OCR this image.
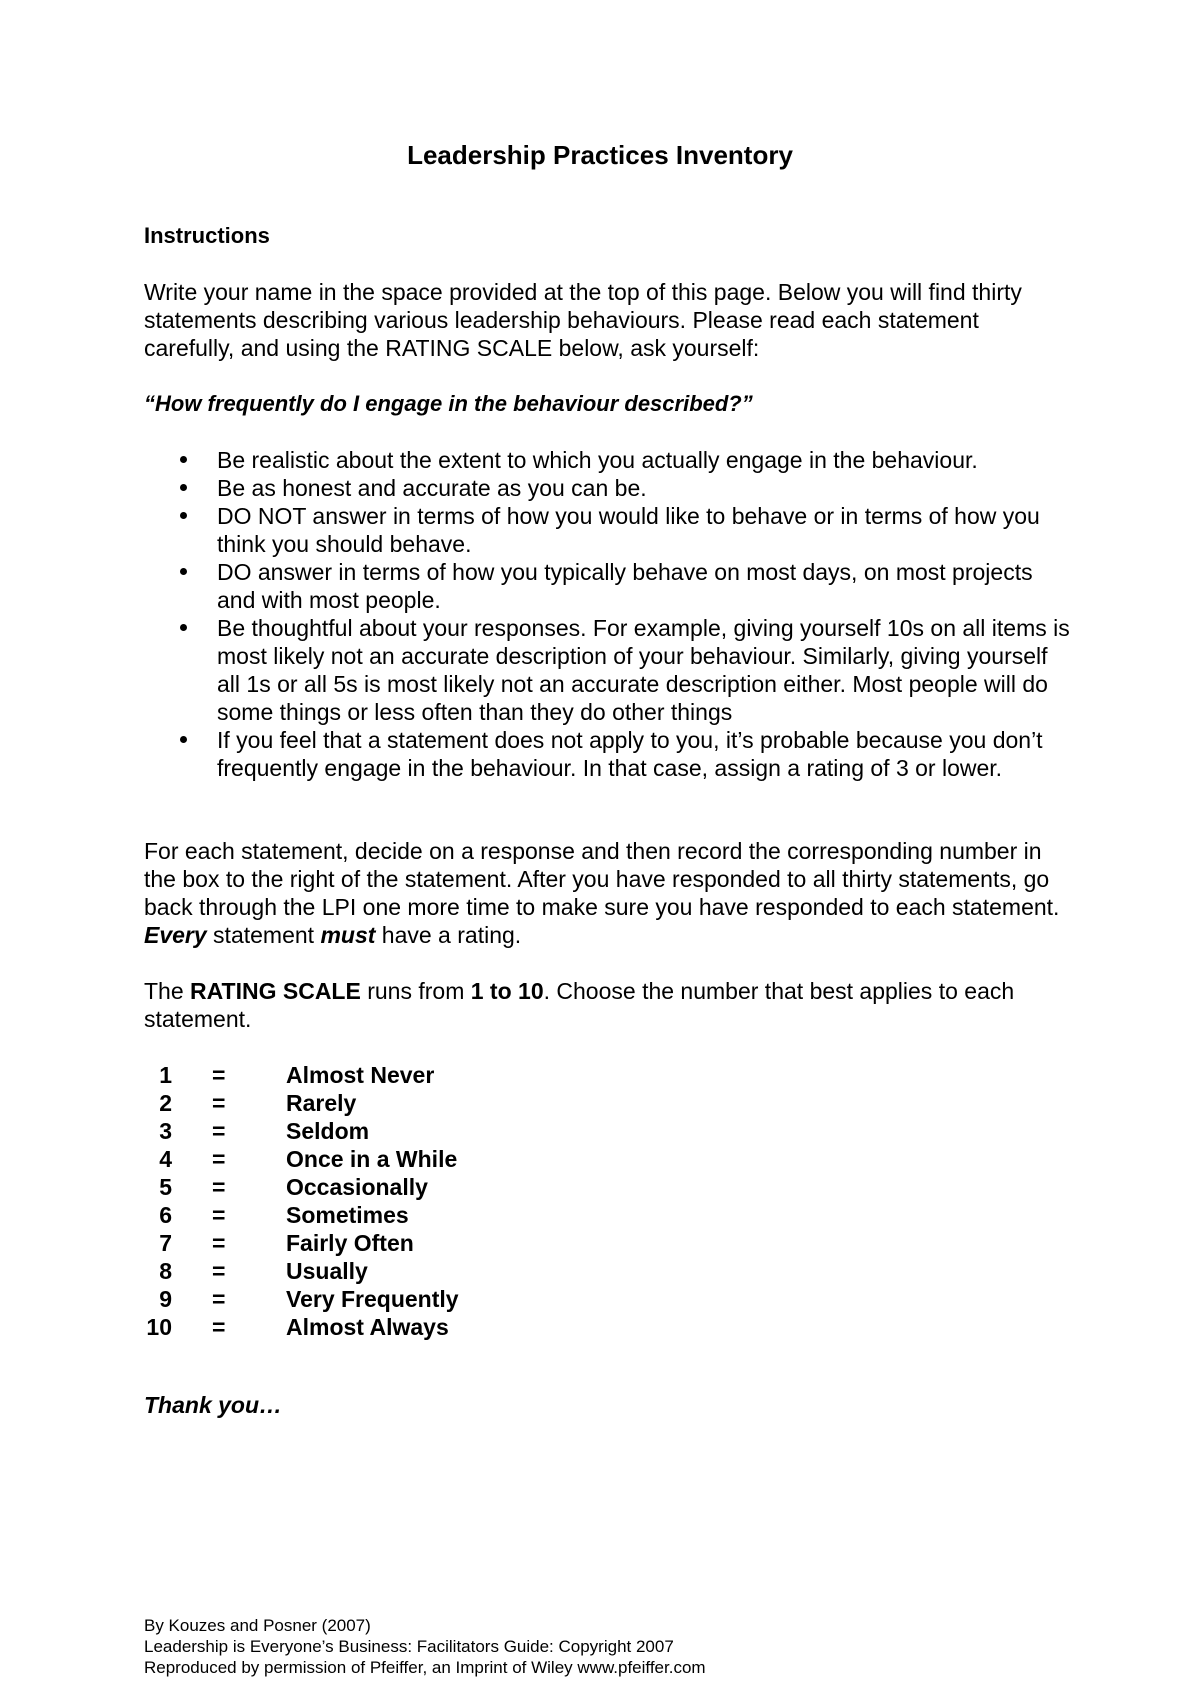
Leadership Practices Inventory
Instructions
Write your name in the space provided at the top of this page. Below you will find thirty statements describing various leadership behaviours. Please read each statement carefully, and using the RATING SCALE below, ask yourself:
“How frequently do I engage in the behaviour described?”
Be realistic about the extent to which you actually engage in the behaviour.
Be as honest and accurate as you can be.
DO NOT answer in terms of how you would like to behave or in terms of how you think you should behave.
DO answer in terms of how you typically behave on most days, on most projects and with most people.
Be thoughtful about your responses. For example, giving yourself 10s on all items is most likely not an accurate description of your behaviour. Similarly, giving yourself all 1s or all 5s is most likely not an accurate description either. Most people will do some things or less often than they do other things
If you feel that a statement does not apply to you, it’s probable because you don’t frequently engage in the behaviour. In that case, assign a rating of 3 or lower.
For each statement, decide on a response and then record the corresponding number in the box to the right of the statement. After you have responded to all thirty statements, go back through the LPI one more time to make sure you have responded to each statement. Every statement must have a rating.
The RATING SCALE runs from 1 to 10. Choose the number that best applies to each statement.
1 =	Almost Never
2 =	Rarely
3 =	Seldom
4 =	Once in a While
5 =	Occasionally
6 =	Sometimes
7 =	Fairly Often
8 =	Usually
9 =	Very Frequently
10 =	Almost Always
Thank you…
By Kouzes and Posner (2007)
Leadership is Everyone’s Business: Facilitators Guide: Copyright 2007
Reproduced by permission of Pfeiffer, an Imprint of Wiley www.pfeiffer.com
